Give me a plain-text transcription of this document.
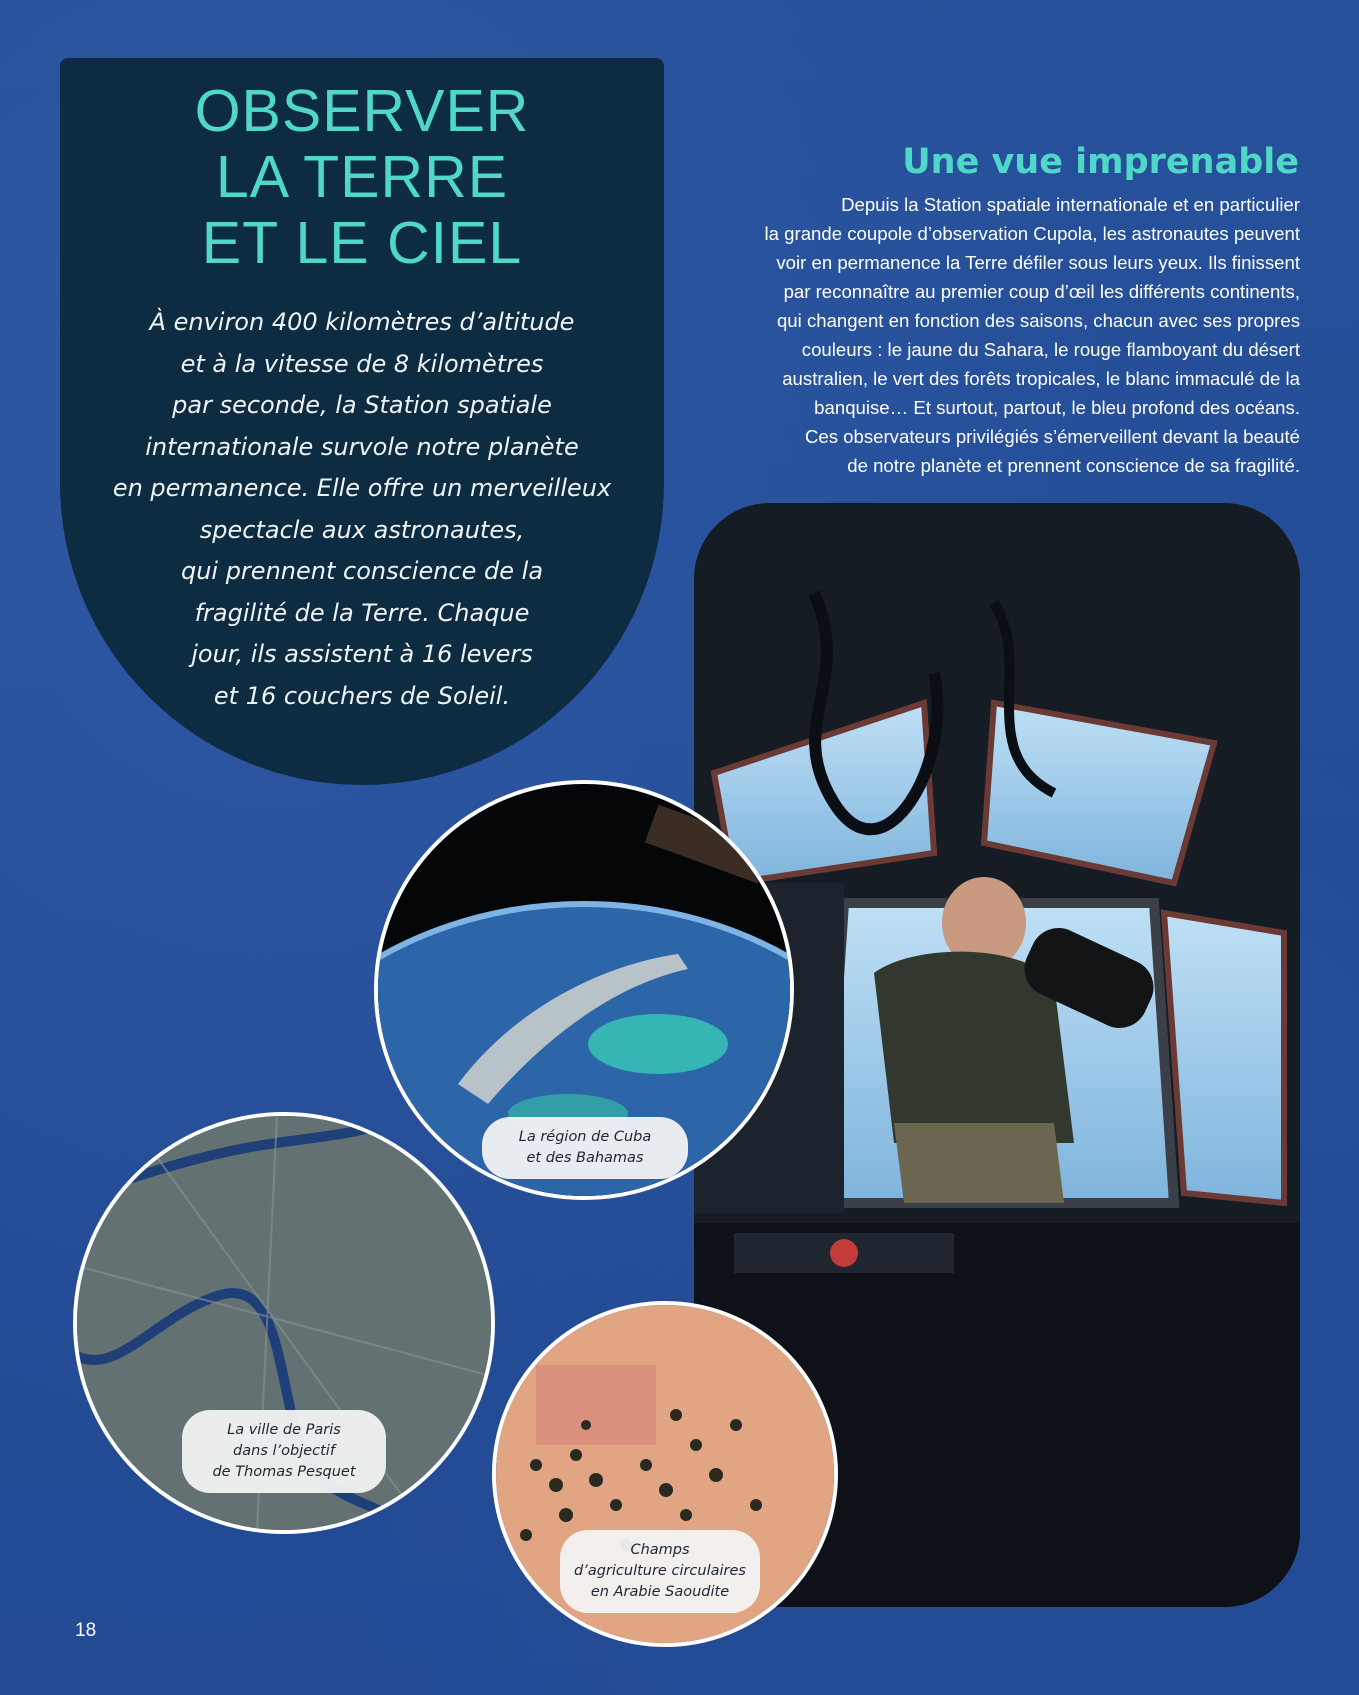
OBSERVER
LA TERRE
ET LE CIEL

À environ 400 kilomètres d’altitude
et à la vitesse de 8 kilomètres
par seconde, la Station spatiale
internationale survole notre planète
en permanence. Elle offre un merveilleux
spectacle aux astronautes,
qui prennent conscience de la
fragilité de la Terre. Chaque
jour, ils assistent à 16 levers
et 16 couchers de Soleil.

Une vue imprenable

Depuis la Station spatiale internationale et en particulier
la grande coupole d’observation Cupola, les astronautes peuvent
voir en permanence la Terre défiler sous leurs yeux. Ils finissent
par reconnaître au premier coup d’œil les différents continents,
qui changent en fonction des saisons, chacun avec ses propres
couleurs : le jaune du Sahara, le rouge flamboyant du désert
australien, le vert des forêts tropicales, le blanc immaculé de la
banquise… Et surtout, partout, le bleu profond des océans.
Ces observateurs privilégiés s’émerveillent devant la beauté
de notre planète et prennent conscience de sa fragilité.

La région de Cuba
et des Bahamas
La ville de Paris
dans l’objectif
de Thomas Pesquet
Champs
d’agriculture circulaires
en Arabie Saoudite
18
